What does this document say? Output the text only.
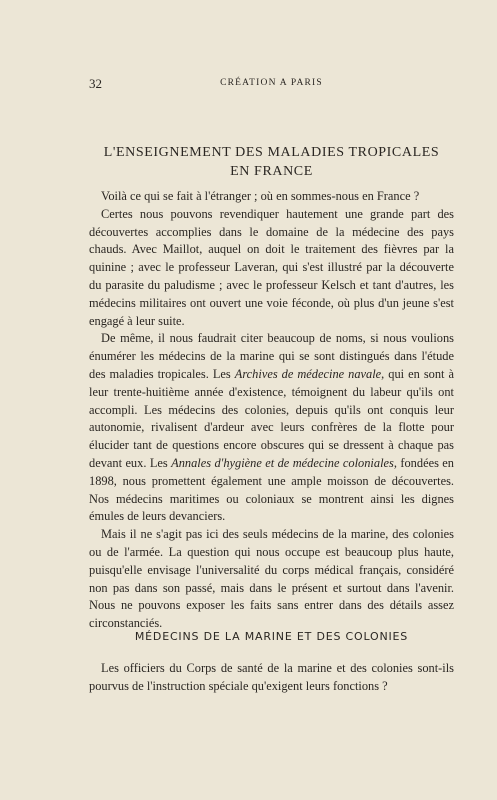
32	CRÉATION A PARIS
L'ENSEIGNEMENT DES MALADIES TROPICALES
EN FRANCE

Voilà ce qui se fait à l'étranger ; où en sommes-nous en France ?

Certes nous pouvons revendiquer hautement une grande part des découvertes accomplies dans le domaine de la médecine des pays chauds. Avec Maillot, auquel on doit le traitement des fièvres par la quinine ; avec le professeur Laveran, qui s'est illustré par la découverte du parasite du paludisme ; avec le professeur Kelsch et tant d'autres, les médecins militaires ont ouvert une voie féconde, où plus d'un jeune s'est engagé à leur suite.

De même, il nous faudrait citer beaucoup de noms, si nous voulions énumérer les médecins de la marine qui se sont distingués dans l'étude des maladies tropicales. Les Archives de médecine navale, qui en sont à leur trente-huitième année d'existence, témoignent du labeur qu'ils ont accompli. Les médecins des colonies, depuis qu'ils ont conquis leur autonomie, rivalisent d'ardeur avec leurs confrères de la flotte pour élucider tant de questions encore obscures qui se dressent à chaque pas devant eux. Les Annales d'hygiène et de médecine coloniales, fondées en 1898, nous promettent également une ample moisson de découvertes. Nos médecins maritimes ou coloniaux se montrent ainsi les dignes émules de leurs devanciers.

Mais il ne s'agit pas ici des seuls médecins de la marine, des colonies ou de l'armée. La question qui nous occupe est beaucoup plus haute, puisqu'elle envisage l'universalité du corps médical français, considéré non pas dans son passé, mais dans le présent et surtout dans l'avenir. Nous ne pouvons exposer les faits sans entrer dans des détails assez circonstanciés.

MÉDECINS DE LA MARINE ET DES COLONIES

Les officiers du Corps de santé de la marine et des colonies sont-ils pourvus de l'instruction spéciale qu'exigent leurs fonctions ?
